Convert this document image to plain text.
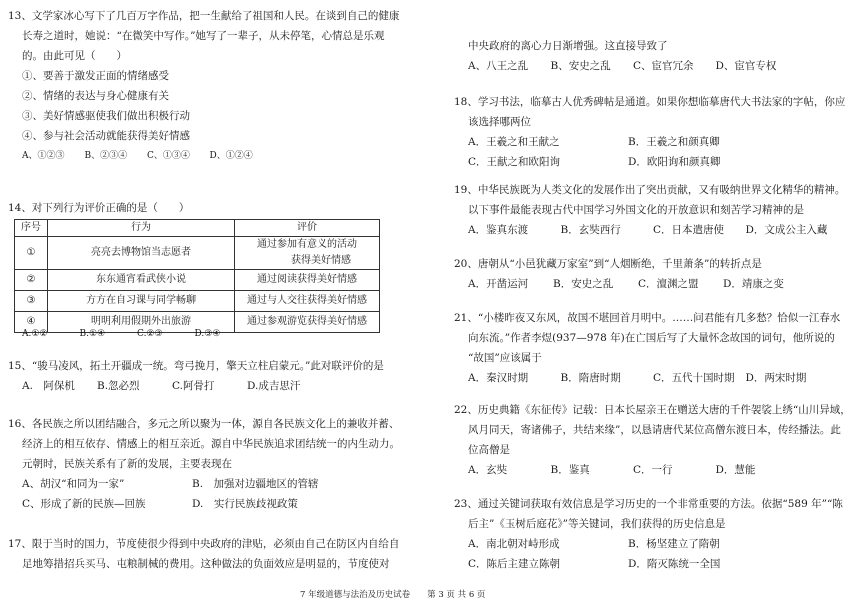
13、文学家冰心写下了几百万字作品，把一生献给了祖国和人民。在谈到自己的健康
长寿之道时，她说：“在微笑中写作。”她写了一辈子，从未停笔，心情总是乐观
的。由此可见（　　）
①、要善于激发正面的情绪感受
②、情绪的表达与身心健康有关
③、美好情感驱使我们做出积极行动
④、参与社会活动就能获得美好情感
A、①②③	B、②③④	C、①③④	D、①②④
14、对下列行为评价正确的是（　　）
序号	行为	评价
①	亮亮去博物馆当志愿者	通过参加有意义的活动
获得美好情感

②	东东通宵看武侠小说	通过阅读获得美好情感
③	方方在自习课与同学畅聊	通过与人交往获得美好情感
④	明明利用假期外出旅游	通过参观游览获得美好情感
A.①②	B.①④	C.②③	D.③④
15、“骏马凌风，拓土开疆成一统。弯弓挽月，擎天立柱启蒙元。”此对联评价的是
A.　阿保机	B.忽必烈	C.阿骨打	D.成吉思汗
16、各民族之所以团结融合，多元之所以聚为一体，源自各民族文化上的兼收并蓄、
经济上的相互依存、情感上的相互亲近。源自中华民族追求团结统一的内生动力。
元朝时，民族关系有了新的发展，主要表现在
A、胡汉“和同为一家”	B.　加强对边疆地区的管辖
C、形成了新的民族—回族	D.　实行民族歧视政策
17、限于当时的国力，节度使很少得到中央政府的津贴，必须由自己在防区内自给自
足地筹措招兵买马、屯粮制械的费用。这种做法的负面效应是明显的，节度使对
中央政府的离心力日渐增强。这直接导致了
A、八王之乱	B、安史之乱	C、宦官冗余	D、宦官专权
18、学习书法，临摹古人优秀碑帖是通道。如果你想临摹唐代大书法家的字帖，你应
该选择哪两位
A．王羲之和王献之	B．王羲之和颜真卿
C．王献之和欧阳询	D．欧阳询和颜真卿
19、中华民族既为人类文化的发展作出了突出贡献，又有吸纳世界文化精华的精神。
以下事件最能表现古代中国学习外国文化的开放意识和刻苦学习精神的是
A．鉴真东渡	B．玄奘西行	C．日本遣唐使	D．文成公主入藏
20、唐朝从“小邑犹藏万家室”到“人烟断绝，千里萧条”的转折点是
A．开凿运河	B．安史之乱	C．澶渊之盟	D．靖康之变
21、“小楼昨夜又东风，故国不堪回首月明中。……问君能有几多愁？恰似一江春水
向东流。”作者李煜(937—978 年)在亡国后写了大量怀念故国的词句，他所说的
“故国”应该属于
A．秦汉时期	B．隋唐时期	C．五代十国时期	D．两宋时期
22、历史典籍《东征传》记载：日本长屋亲王在赠送大唐的千件袈裟上绣“山川异域，
风月同天，寄诸佛子，共结来缘”，以恳请唐代某位高僧东渡日本，传经播法。此
位高僧是
A．玄奘	B．鉴真	C．一行	D．慧能
23、通过关键词获取有效信息是学习历史的一个非常重要的方法。依据“589 年”“陈
后主”《玉树后庭花》”等关键词，我们获得的历史信息是
A．南北朝对峙形成	B．杨坚建立了隋朝
C．陈后主建立陈朝	D．隋灭陈统一全国
7 年级道德与法治及历史试卷　　第 3 页 共 6 页
